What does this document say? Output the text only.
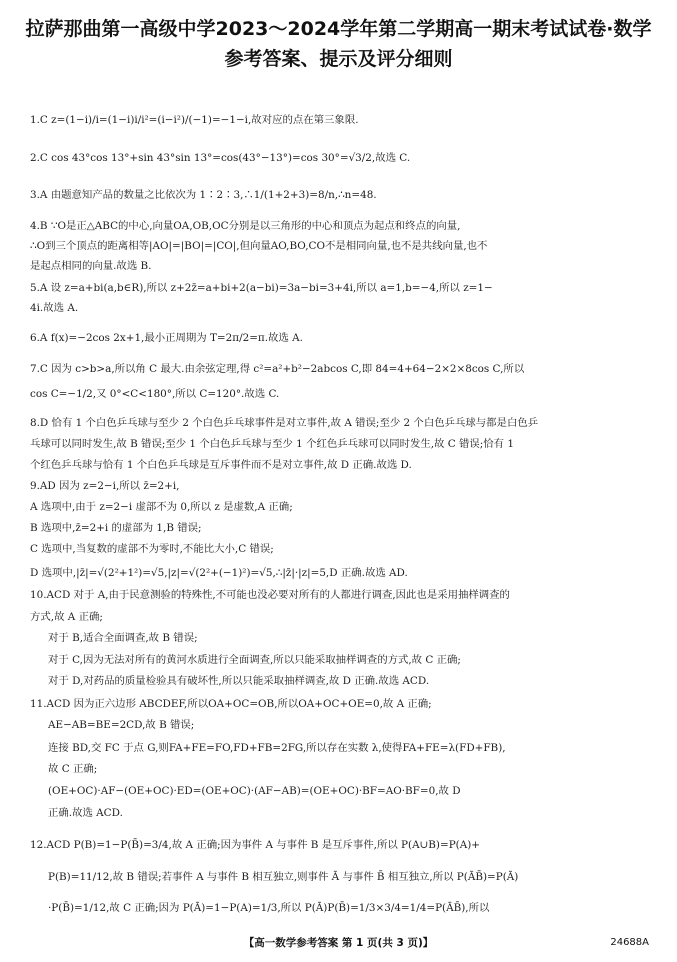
拉萨那曲第一高级中学2023～2024学年第二学期高一期末考试试卷·数学
参考答案、提示及评分细则
1.C z=(1−i)/i=(1−i)i/i²=(i−i²)/(−1)=−1−i,故对应的点在第三象限.
2.C cos 43°cos 13°+sin 43°sin 13°=cos(43°−13°)=cos 30°=√3/2,故选 C.
3.A 由题意知产品的数量之比依次为 1∶2∶3,∴1/(1+2+3)=8/n,∴n=48.
4.B ∵O是正△ABC的中心,向量OA,OB,OC分别是以三角形的中心和顶点为起点和终点的向量,
∴O到三个顶点的距离相等|AO|=|BO|=|CO|,但向量AO,BO,CO不是相同向量,也不是共线向量,也不
是起点相同的向量.故选 B.
5.A 设 z=a+bi(a,b∈R),所以 z+2z̄=a+bi+2(a−bi)=3a−bi=3+4i,所以 a=1,b=−4,所以 z=1−
4i.故选 A.
6.A f(x)=−2cos 2x+1,最小正周期为 T=2π/2=π.故选 A.
7.C 因为 c>b>a,所以角 C 最大.由余弦定理,得 c²=a²+b²−2abcos C,即 84=4+64−2×2×8cos C,所以
cos C=−1/2,又 0°<C<180°,所以 C=120°.故选 C.
8.D 恰有 1 个白色乒乓球与至少 2 个白色乒乓球事件是对立事件,故 A 错误;至少 2 个白色乒乓球与都是白色乒
乓球可以同时发生,故 B 错误;至少 1 个白色乒乓球与至少 1 个红色乒乓球可以同时发生,故 C 错误;恰有 1
个红色乒乓球与恰有 1 个白色乒乓球是互斥事件而不是对立事件,故 D 正确.故选 D.
9.AD 因为 z=2−i,所以 z̄=2+i,
A 选项中,由于 z=2−i 虚部不为 0,所以 z 是虚数,A 正确;
B 选项中,z̄=2+i 的虚部为 1,B 错误;
C 选项中,当复数的虚部不为零时,不能比大小,C 错误;
D 选项中,|z̄|=√(2²+1²)=√5,|z|=√(2²+(−1)²)=√5,∴|z̄|·|z|=5,D 正确.故选 AD.
10.ACD 对于 A,由于民意测验的特殊性,不可能也没必要对所有的人都进行调查,因此也是采用抽样调查的
方式,故 A 正确;
对于 B,适合全面调查,故 B 错误;
对于 C,因为无法对所有的黄河水质进行全面调查,所以只能采取抽样调查的方式,故 C 正确;
对于 D,对药品的质量检验具有破坏性,所以只能采取抽样调查,故 D 正确.故选 ACD.
11.ACD 因为正六边形 ABCDEF,所以OA+OC=OB,所以OA+OC+OE=0,故 A 正确;
AE−AB=BE=2CD,故 B 错误;
连接 BD,交 FC 于点 G,则FA+FE=FO,FD+FB=2FG,所以存在实数 λ,使得FA+FE=λ(FD+FB),
故 C 正确;
(OE+OC)·AF−(OE+OC)·ED=(OE+OC)·(AF−AB)=(OE+OC)·BF=AO·BF=0,故 D
正确.故选 ACD.
12.ACD P(B)=1−P(B̄)=3/4,故 A 正确;因为事件 A 与事件 B 是互斥事件,所以 P(A∪B)=P(A)+
P(B)=11/12,故 B 错误;若事件 A 与事件 B 相互独立,则事件 Ā 与事件 B̄ 相互独立,所以 P(ĀB̄)=P(Ā)
·P(B̄)=1/12,故 C 正确;因为 P(Ā)=1−P(A)=1/3,所以 P(Ā)P(B̄)=1/3×3/4=1/4=P(ĀB̄),所以
【高一数学参考答案 第 1 页(共 3 页)】	24688A
